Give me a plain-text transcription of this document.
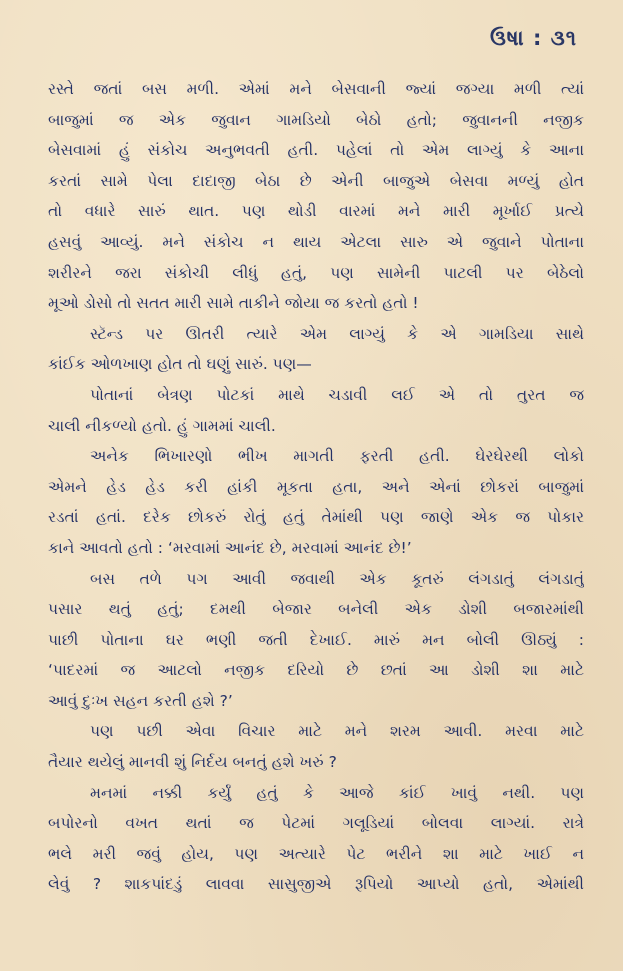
ઉષા : ૩૧
રસ્તે જતાં બસ મળી. એમાં મને બેસવાની જ્યાં જગ્યા મળી ત્યાં
બાજુમાં જ એક જુવાન ગામડિયો બેઠો હતો; જુવાનની નજીક
બેસવામાં હું સંકોચ અનુભવતી હતી. પહેલાં તો એમ લાગ્યું કે આના
કરતાં સામે પેલા દાદાજી બેઠા છે એની બાજુએ બેસવા મળ્યું હોત
તો વધારે સારું થાત. પણ થોડી વારમાં મને મારી મૂર્ખાઈ પ્રત્યે
હસવું આવ્યું. મને સંકોચ ન થાય એટલા સારુ એ જુવાને પોતાના
શરીરને જરા સંકોચી લીધું હતું, પણ સામેની પાટલી પર બેઠેલો
મૂઓ ડોસો તો સતત મારી સામે તાકીને જોયા જ કરતો હતો !
સ્ટૅન્ડ પર ઊતરી ત્યારે એમ લાગ્યું કે એ ગામડિયા સાથે
કાંઈક ઓળખાણ હોત તો ઘણું સારું. પણ—
પોતાનાં બેત્રણ પોટકાં માથે ચડાવી લઈ એ તો તુરત જ
ચાલી નીકળ્યો હતો. હું ગામમાં ચાલી.
અનેક ભિખારણો ભીખ માગતી ફરતી હતી. ઘેરઘેરથી લોકો
એમને હેડ હેડ કરી હાંકી મૂકતા હતા, અને એનાં છોકરાં બાજુમાં
રડતાં હતાં. દરેક છોકરું રોતું હતું તેમાંથી પણ જાણે એક જ પોકાર
કાને આવતો હતો : ‘મરવામાં આનંદ છે, મરવામાં આનંદ છે!’
બસ તળે પગ આવી જવાથી એક કૂતરું લંગડાતું લંગડાતું
પસાર થતું હતું; દમથી બેજાર બનેલી એક ડોશી બજારમાંથી
પાછી પોતાના ઘર ભણી જતી દેખાઈ. મારું મન બોલી ઊઠ્યું :
‘પાદરમાં જ આટલો નજીક દરિયો છે છતાં આ ડોશી શા માટે
આવું દુઃખ સહન કરતી હશે ?’
પણ પછી એવા વિચાર માટે મને શરમ આવી. મરવા માટે
તૈયાર થયેલું માનવી શું નિર્દય બનતું હશે ખરું ?
મનમાં નક્કી કર્યું હતું કે આજે કાંઈ ખાવું નથી. પણ
બપોરનો વખત થતાં જ પેટમાં ગલૂડિયાં બોલવા લાગ્યાં. રાત્રે
ભલે મરી જવું હોય, પણ અત્યારે પેટ ભરીને શા માટે ખાઈ ન
લેવું ? શાકપાંદડું લાવવા સાસુજીએ રૂપિયો આપ્યો હતો, એમાંથી
